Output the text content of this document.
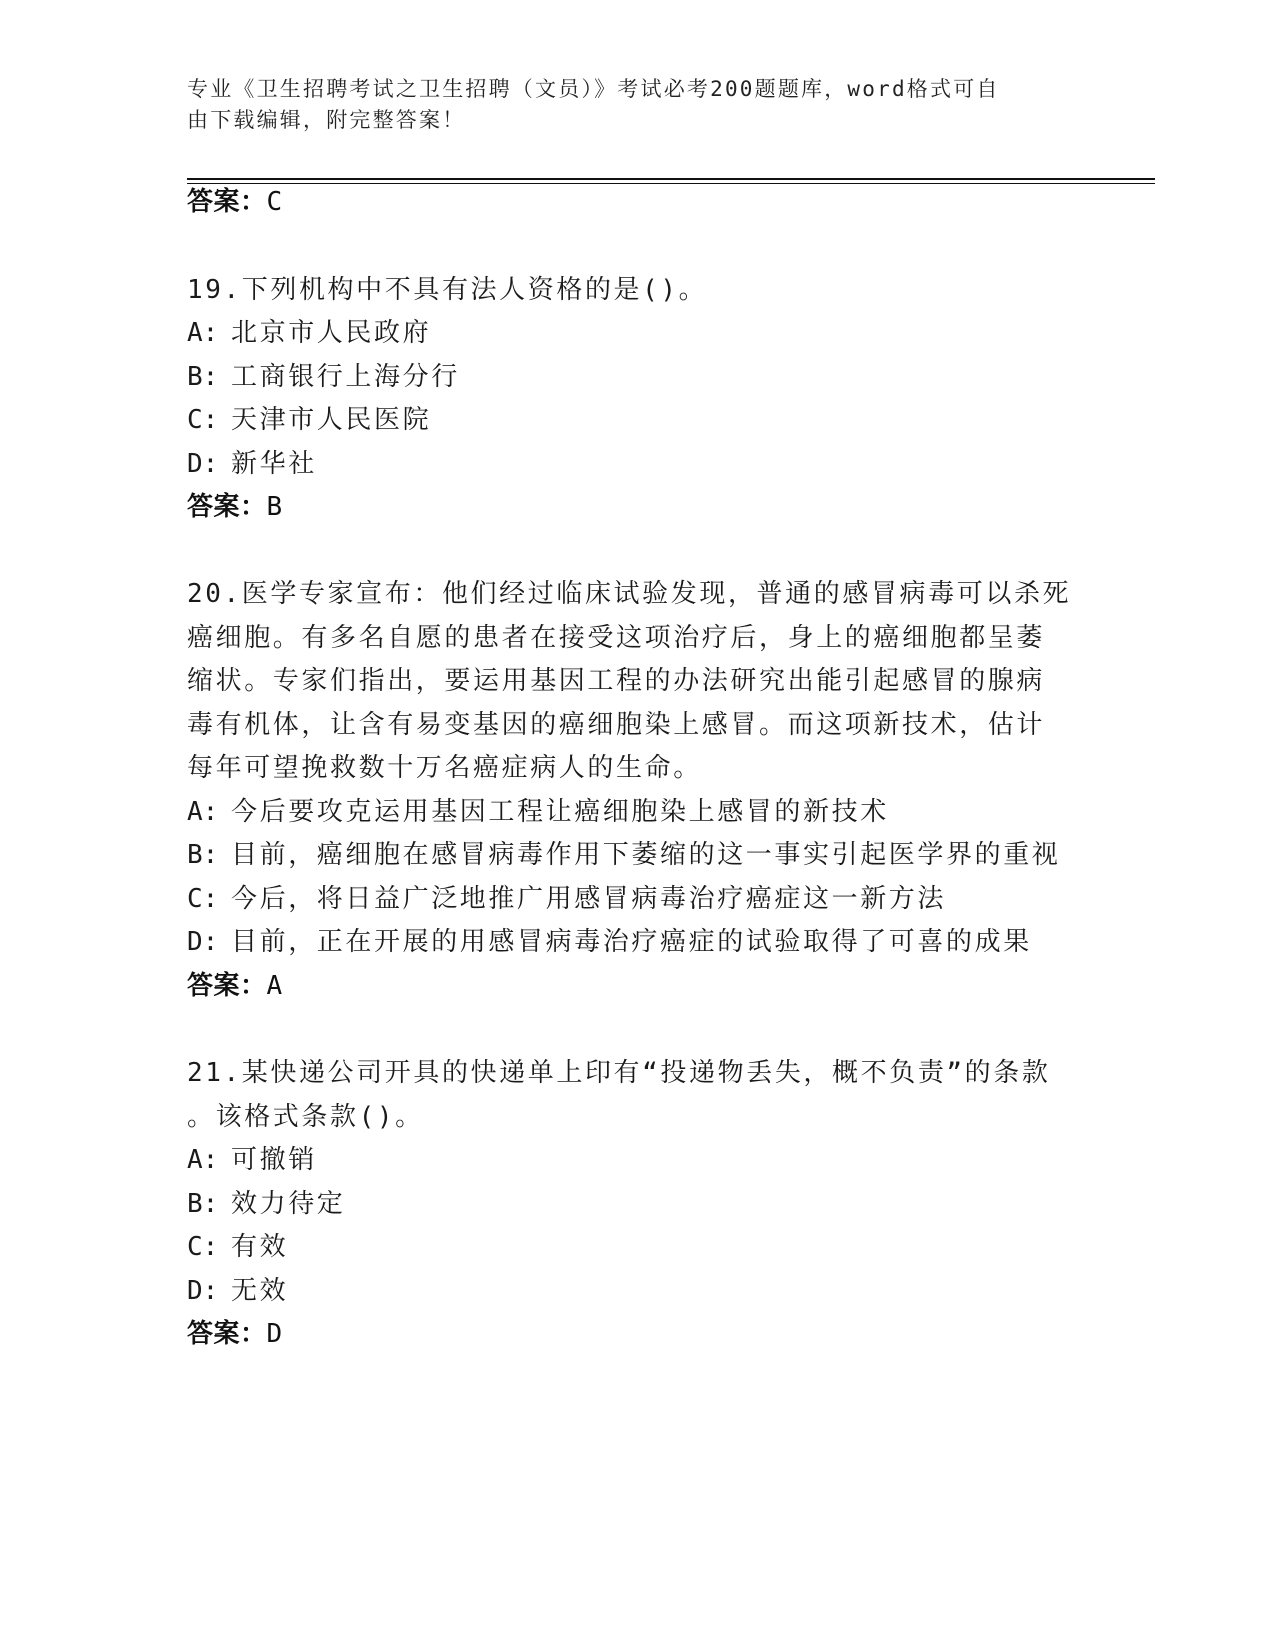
专业《卫生招聘考试之卫生招聘（文员）》考试必考200题题库，word格式可自
由下载编辑，附完整答案！
答案：C
19.下列机构中不具有法人资格的是()。
A: 北京市人民政府
B: 工商银行上海分行
C: 天津市人民医院
D: 新华社
答案：B
20.医学专家宣布：他们经过临床试验发现，普通的感冒病毒可以杀死
癌细胞。有多名自愿的患者在接受这项治疗后，身上的癌细胞都呈萎
缩状。专家们指出，要运用基因工程的办法研究出能引起感冒的腺病
毒有机体，让含有易变基因的癌细胞染上感冒。而这项新技术，估计
每年可望挽救数十万名癌症病人的生命。
A: 今后要攻克运用基因工程让癌细胞染上感冒的新技术
B: 目前，癌细胞在感冒病毒作用下萎缩的这一事实引起医学界的重视
C: 今后，将日益广泛地推广用感冒病毒治疗癌症这一新方法
D: 目前，正在开展的用感冒病毒治疗癌症的试验取得了可喜的成果
答案：A
21.某快递公司开具的快递单上印有“投递物丢失，概不负责”的条款
。该格式条款()。
A: 可撤销
B: 效力待定
C: 有效
D: 无效
答案：D
